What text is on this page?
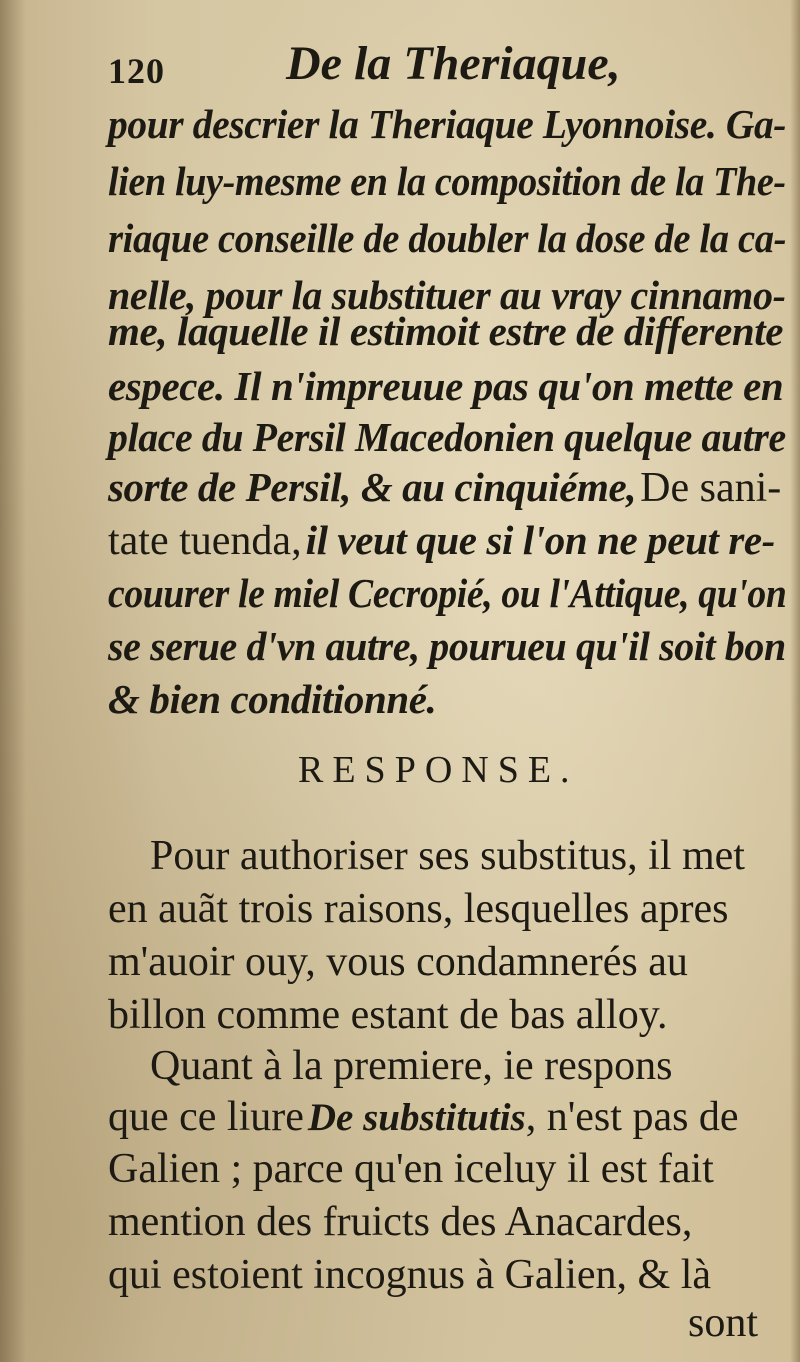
120	De la Theriaque,
pour descrier la Theriaque Lyonnoise. Ga-
lien luy-mesme en la composition de la The-
riaque conseille de doubler la dose de la ca-
nelle, pour la substituer au vray cinnamo-
me, laquelle il estimoit estre de differente
espece. Il n'impreuue pas qu'on mette en
place du Persil Macedonien quelque autre
sorte de Persil, & au cinquiéme, De sani-
tate tuenda, il veut que si l'on ne peut re-
couurer le miel Cecropié, ou l'Attique, qu'on
se serue d'vn autre, pourueu qu'il soit bon
& bien conditionné.
RESPONSE.
Pour authoriser ses substitus, il met
en auãt trois raisons, lesquelles apres
m'auoir ouy, vous condamnerés au
billon comme estant de bas alloy.
Quant à la premiere, ie respons
que ce liure De substitutis, n'est pas de
Galien ; parce qu'en iceluy il est fait
mention des fruicts des Anacardes,
qui estoient incognus à Galien, & là
sont
